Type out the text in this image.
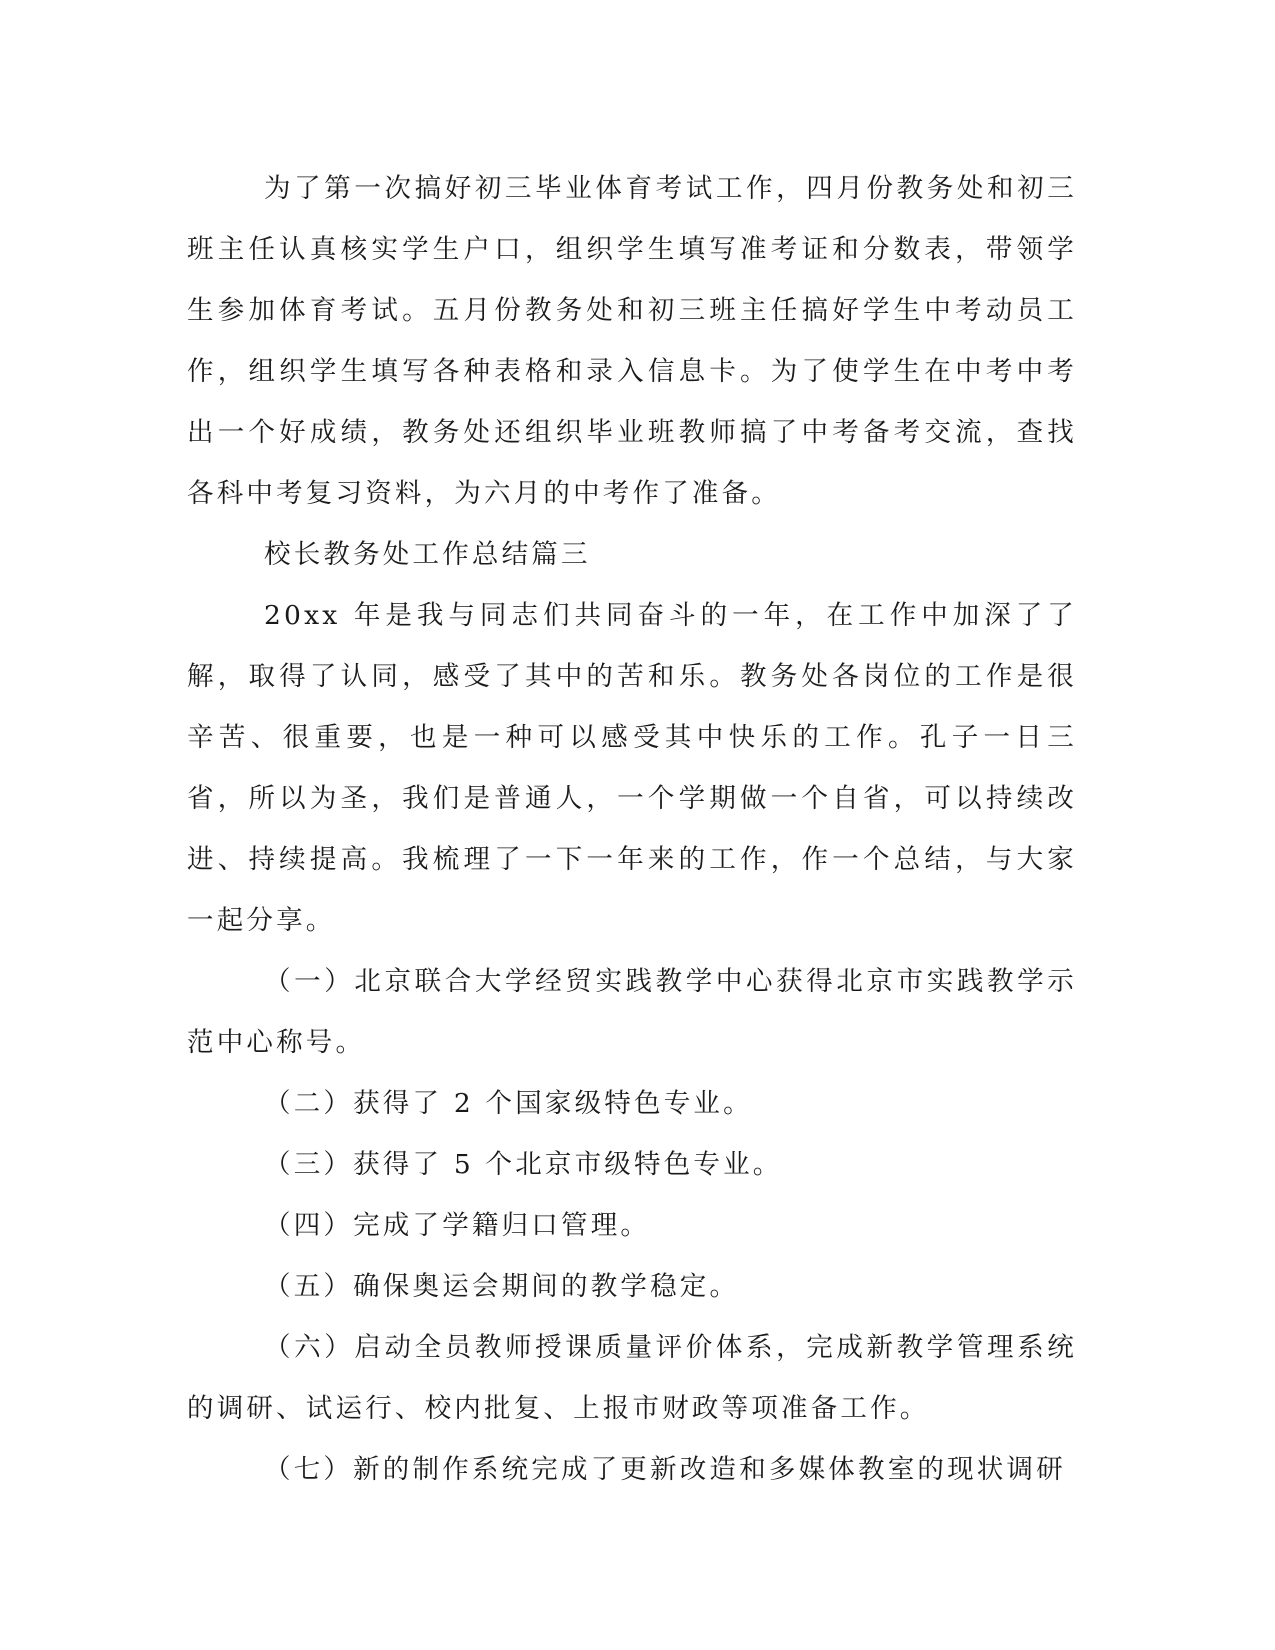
为了第一次搞好初三毕业体育考试工作，四月份教务处和初三班主任认真核实学生户口，组织学生填写准考证和分数表，带领学生参加体育考试。五月份教务处和初三班主任搞好学生中考动员工作，组织学生填写各种表格和录入信息卡。为了使学生在中考中考出一个好成绩，教务处还组织毕业班教师搞了中考备考交流，查找各科中考复习资料，为六月的中考作了准备。

校长教务处工作总结篇三

20xx 年是我与同志们共同奋斗的一年，在工作中加深了了解，取得了认同，感受了其中的苦和乐。教务处各岗位的工作是很辛苦、很重要，也是一种可以感受其中快乐的工作。孔子一日三省，所以为圣，我们是普通人，一个学期做一个自省，可以持续改进、持续提高。我梳理了一下一年来的工作，作一个总结，与大家一起分享。

（一）北京联合大学经贸实践教学中心获得北京市实践教学示范中心称号。

（二）获得了 2 个国家级特色专业。

（三）获得了 5 个北京市级特色专业。

（四）完成了学籍归口管理。

（五）确保奥运会期间的教学稳定。

（六）启动全员教师授课质量评价体系，完成新教学管理系统的调研、试运行、校内批复、上报市财政等项准备工作。

（七）新的制作系统完成了更新改造和多媒体教室的现状调研
